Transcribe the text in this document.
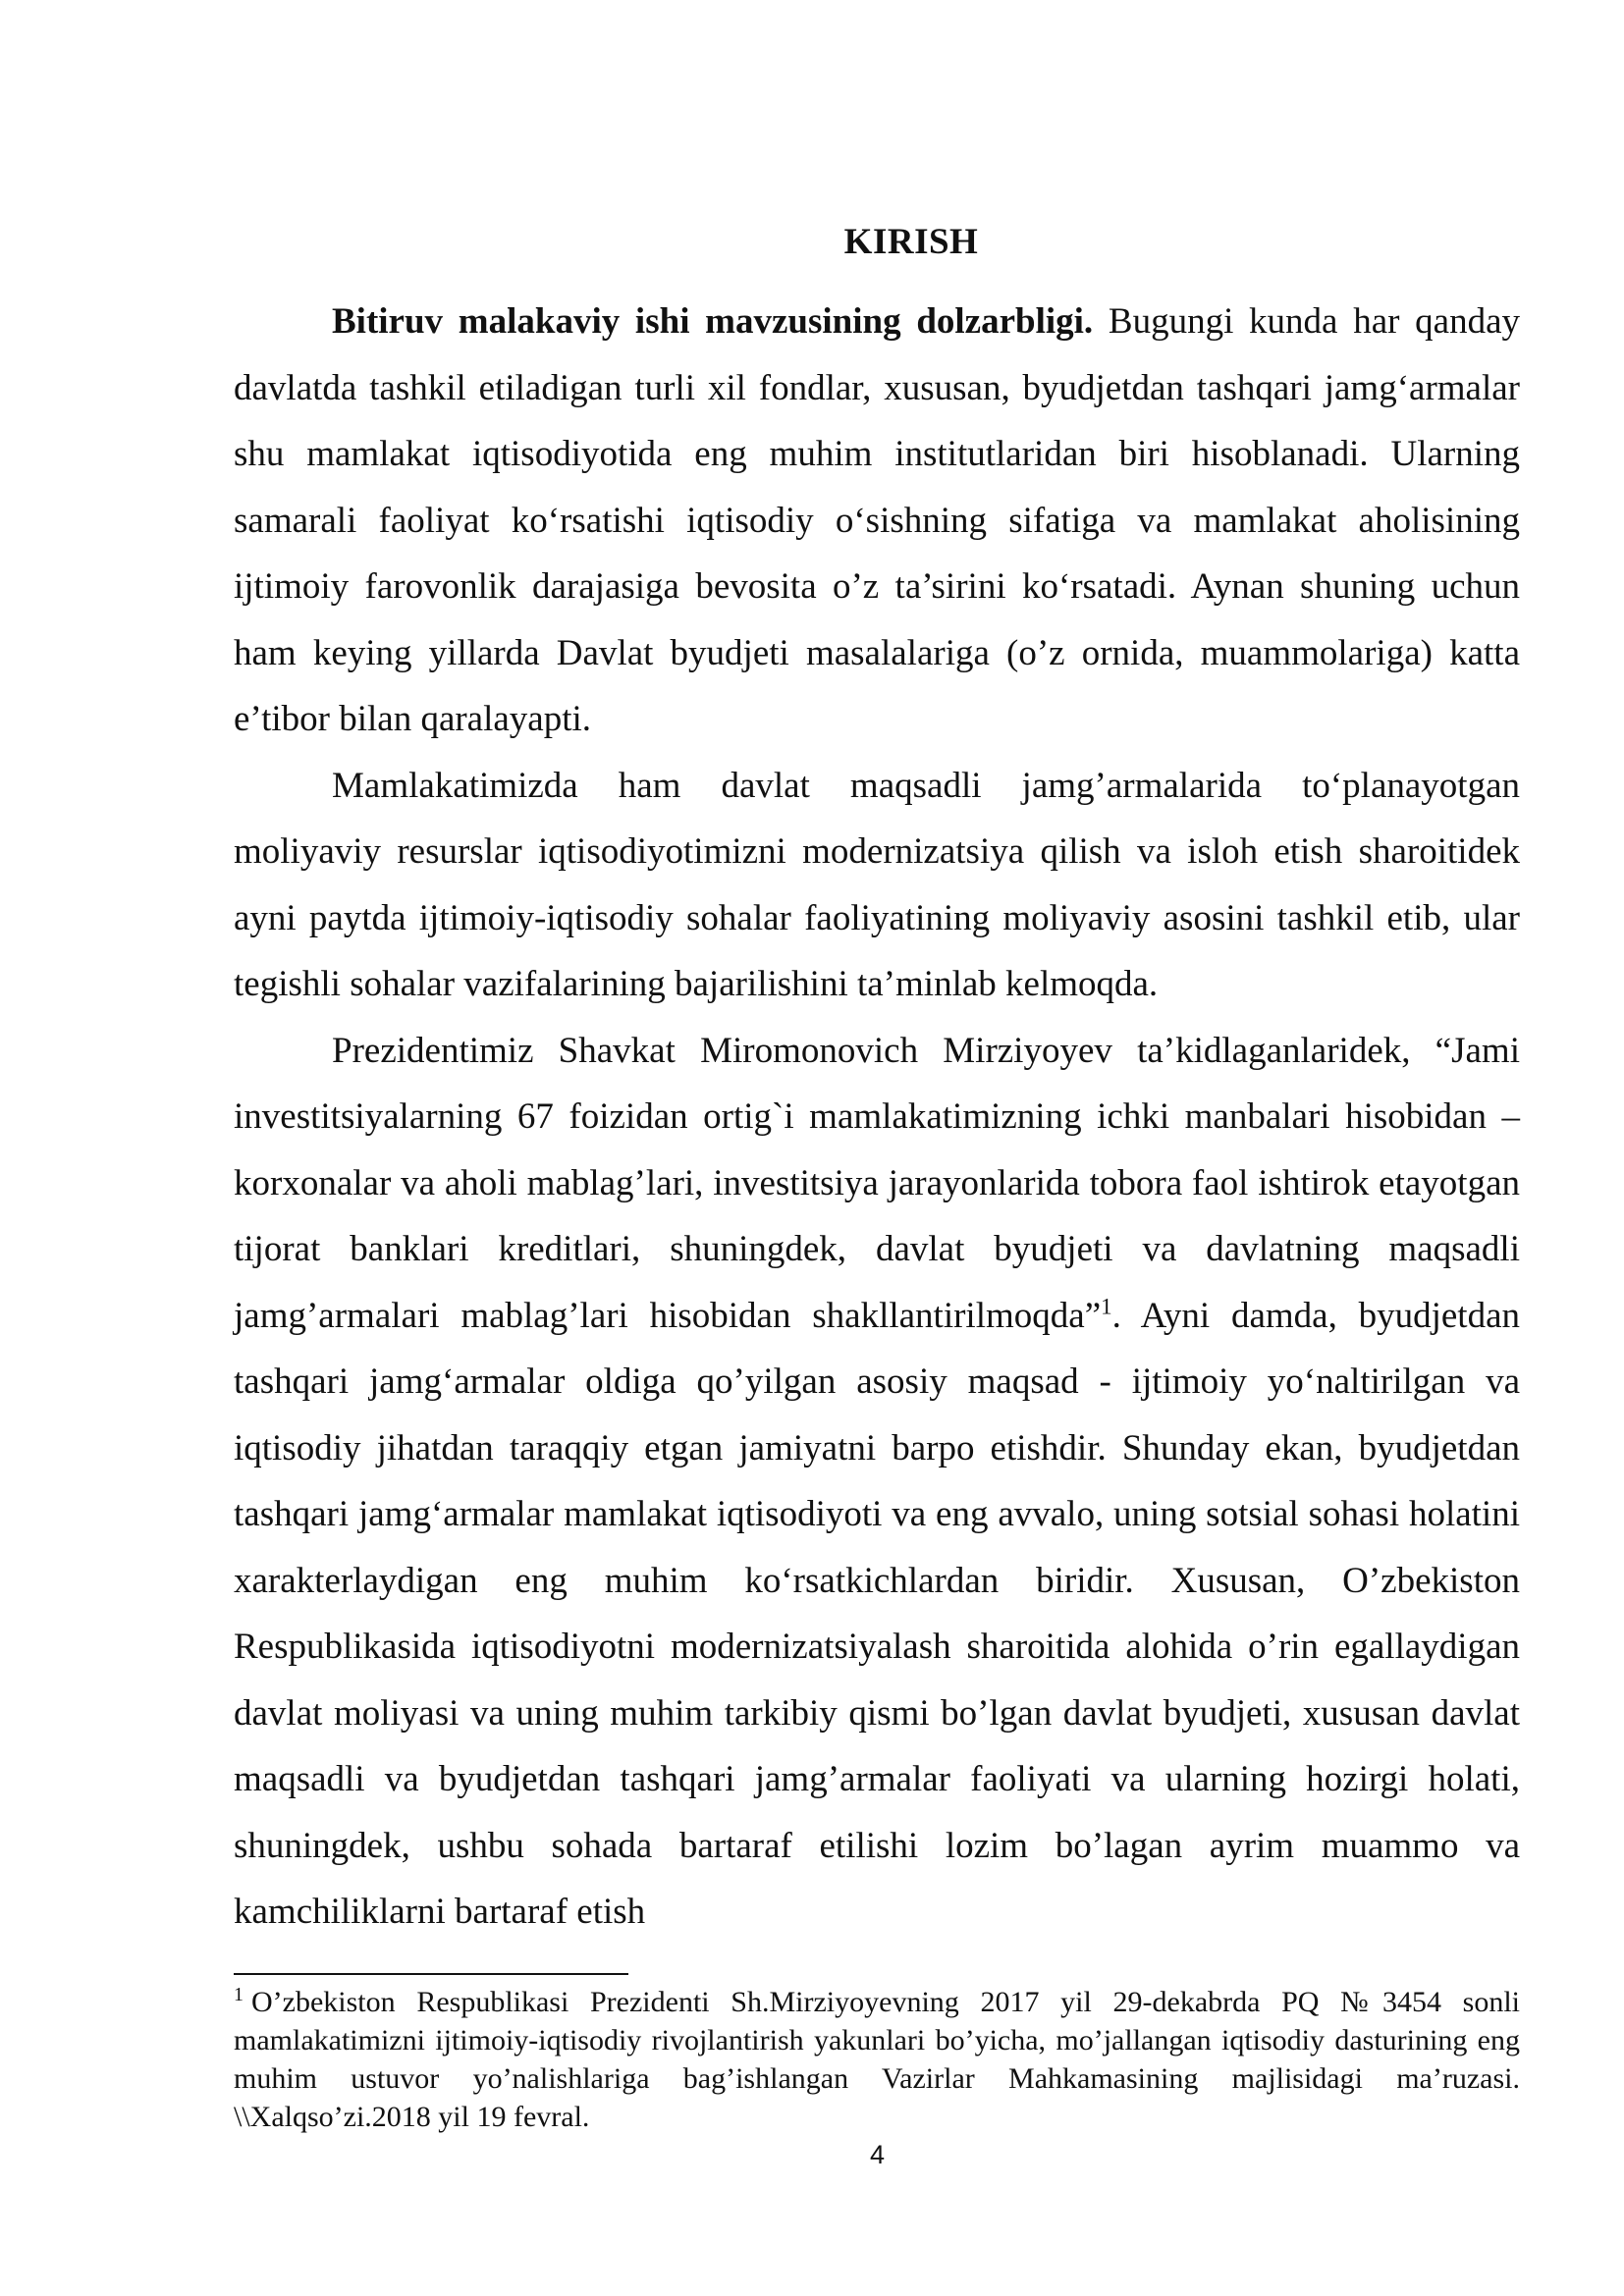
KIRISH

Bitiruv malakaviy ishi mavzusining dolzarbligi. Bugungi kunda har qanday davlatda tashkil etiladigan turli xil fondlar, xususan, byudjetdan tashqari jamg‘armalar shu mamlakat iqtisodiyotida eng muhim institutlaridan biri hisoblanadi. Ularning samarali faoliyat ko‘rsatishi iqtisodiy o‘sishning sifatiga va mamlakat aholisining ijtimoiy farovonlik darajasiga bevosita o’z ta’sirini ko‘rsatadi. Aynan shuning uchun ham keying yillarda Davlat byudjeti masalalariga (o’z ornida, muammolariga) katta e’tibor bilan qaralayapti.

Mamlakatimizda ham davlat maqsadli jamg’armalarida to‘planayotgan moliyaviy resurslar iqtisodiyotimizni modernizatsiya qilish va isloh etish sharoitidek ayni paytda ijtimoiy-iqtisodiy sohalar faoliyatining moliyaviy asosini tashkil etib, ular tegishli sohalar vazifalarining bajarilishini ta’minlab kelmoqda.

Prezidentimiz Shavkat Miromonovich Mirziyoyev ta’kidlaganlaridek, “Jami investitsiyalarning 67 foizidan ortig`i mamlakatimizning ichki manbalari hisobidan – korxonalar va aholi mablag’lari, investitsiya jarayonlarida tobora faol ishtirok etayotgan tijorat banklari kreditlari, shuningdek, davlat byudjeti va davlatning maqsadli jamg’armalari mablag’lari hisobidan shakllantirilmoqda”$^1$. Ayni damda, byudjetdan tashqari jamg‘armalar oldiga qo’yilgan asosiy maqsad - ijtimoiy yo‘naltirilgan va iqtisodiy jihatdan taraqqiy etgan jamiyatni barpo etishdir. Shunday ekan, byudjetdan tashqari jamg‘armalar mamlakat iqtisodiyoti va eng avvalo, uning sotsial sohasi holatini xarakterlaydigan eng muhim ko‘rsatkichlardan biridir. Xususan, O’zbekiston Respublikasida iqtisodiyotni modernizatsiyalash sharoitida alohida o’rin egallaydigan davlat moliyasi va uning muhim tarkibiy qismi bo’lgan davlat byudjeti, xususan davlat maqsadli va byudjetdan tashqari jamg’armalar faoliyati va ularning hozirgi holati, shuningdek, ushbu sohada bartaraf etilishi lozim bo’lagan ayrim muammo va kamchiliklarni bartaraf etish

$^1$ O’zbekiston Respublikasi Prezidenti Sh.Mirziyoyevning 2017 yil 29-dekabrda PQ №3454 sonli mamlakatimizni ijtimoiy-iqtisodiy rivojlantirish yakunlari bo’yicha, mo’jallangan iqtisodiy dasturining eng muhim ustuvor yo’nalishlariga bag’ishlangan Vazirlar Mahkamasining majlisidagi ma’ruzasi. \\Xalqso’zi.2018 yil 19 fevral.

4
